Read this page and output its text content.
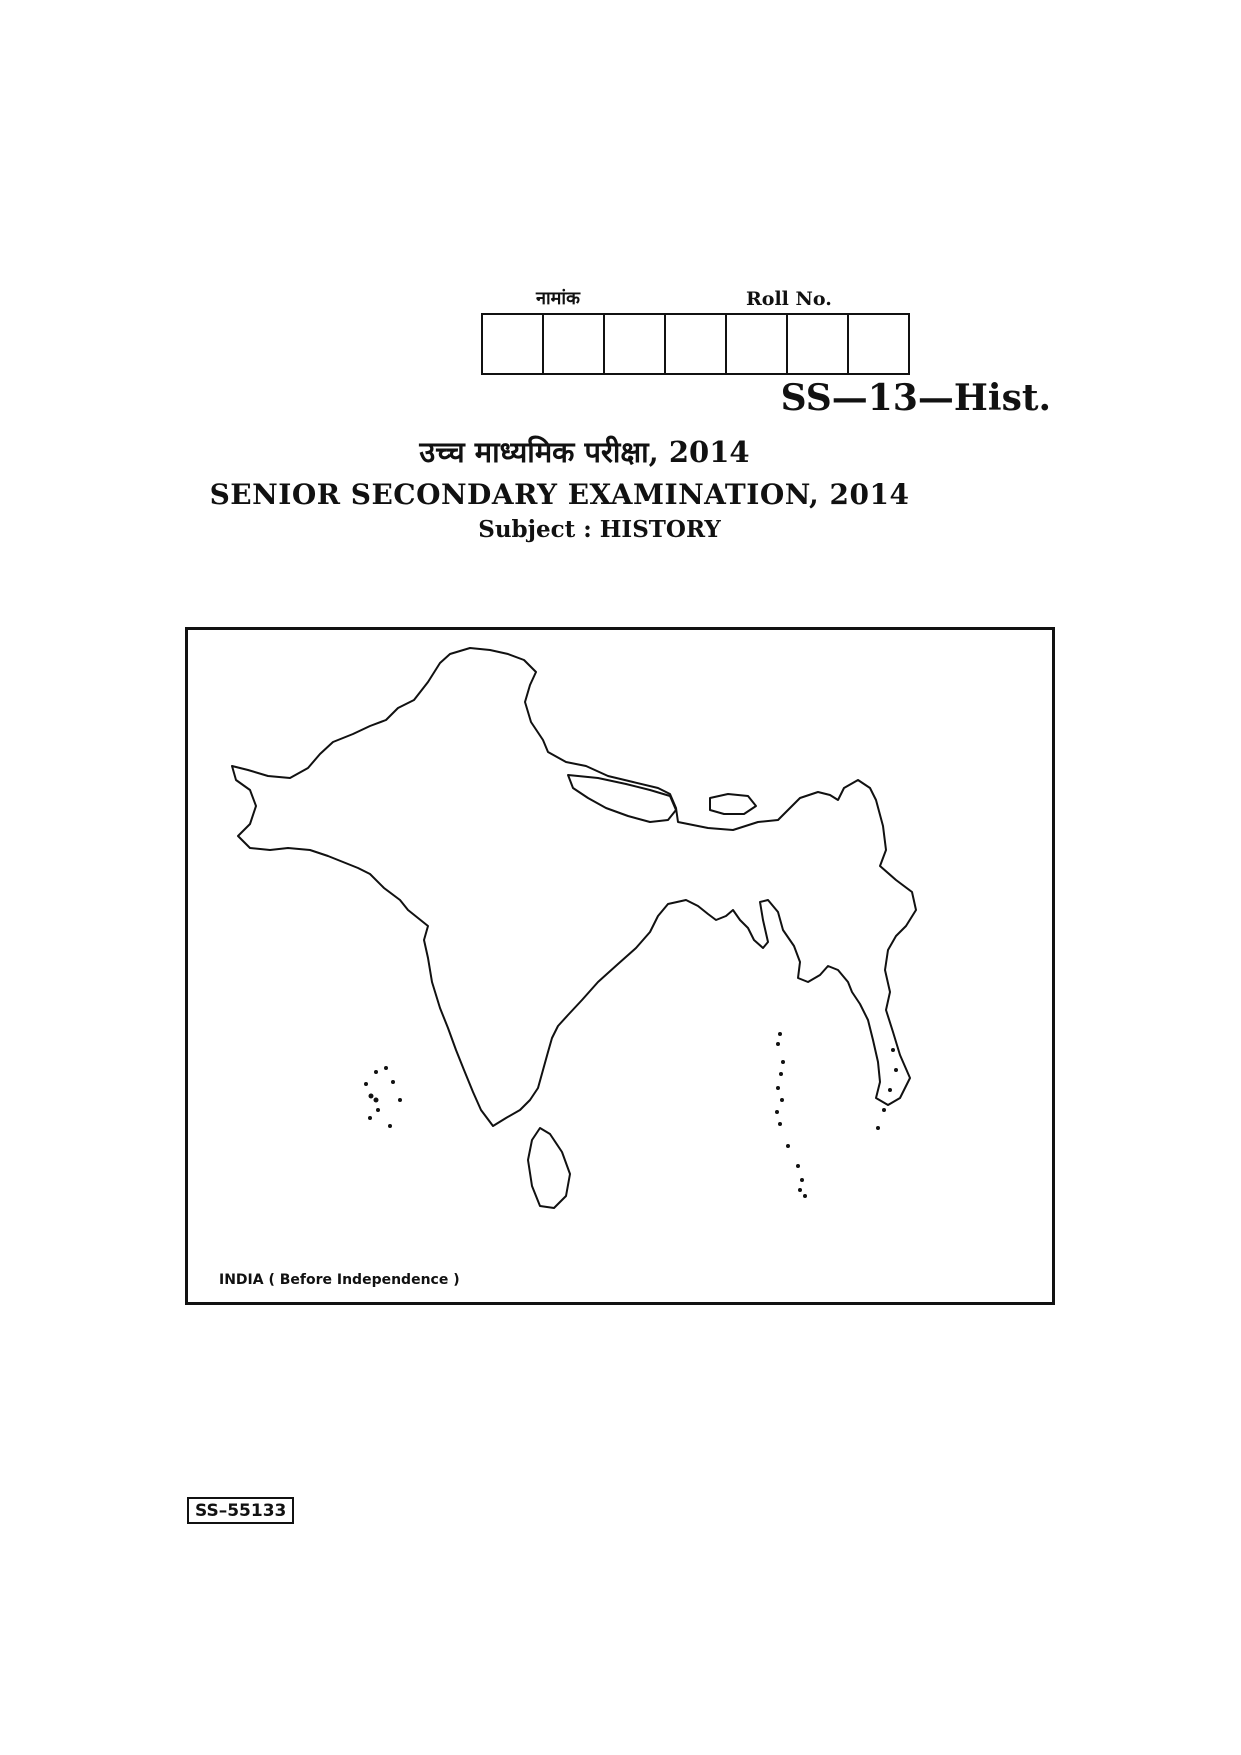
नामांक	Roll No.
SS—13—Hist.
उच्च माध्यमिक परीक्षा, 2014
SENIOR SECONDARY EXAMINATION, 2014
Subject : HISTORY
INDIA ( Before Independence )
SS–55133
